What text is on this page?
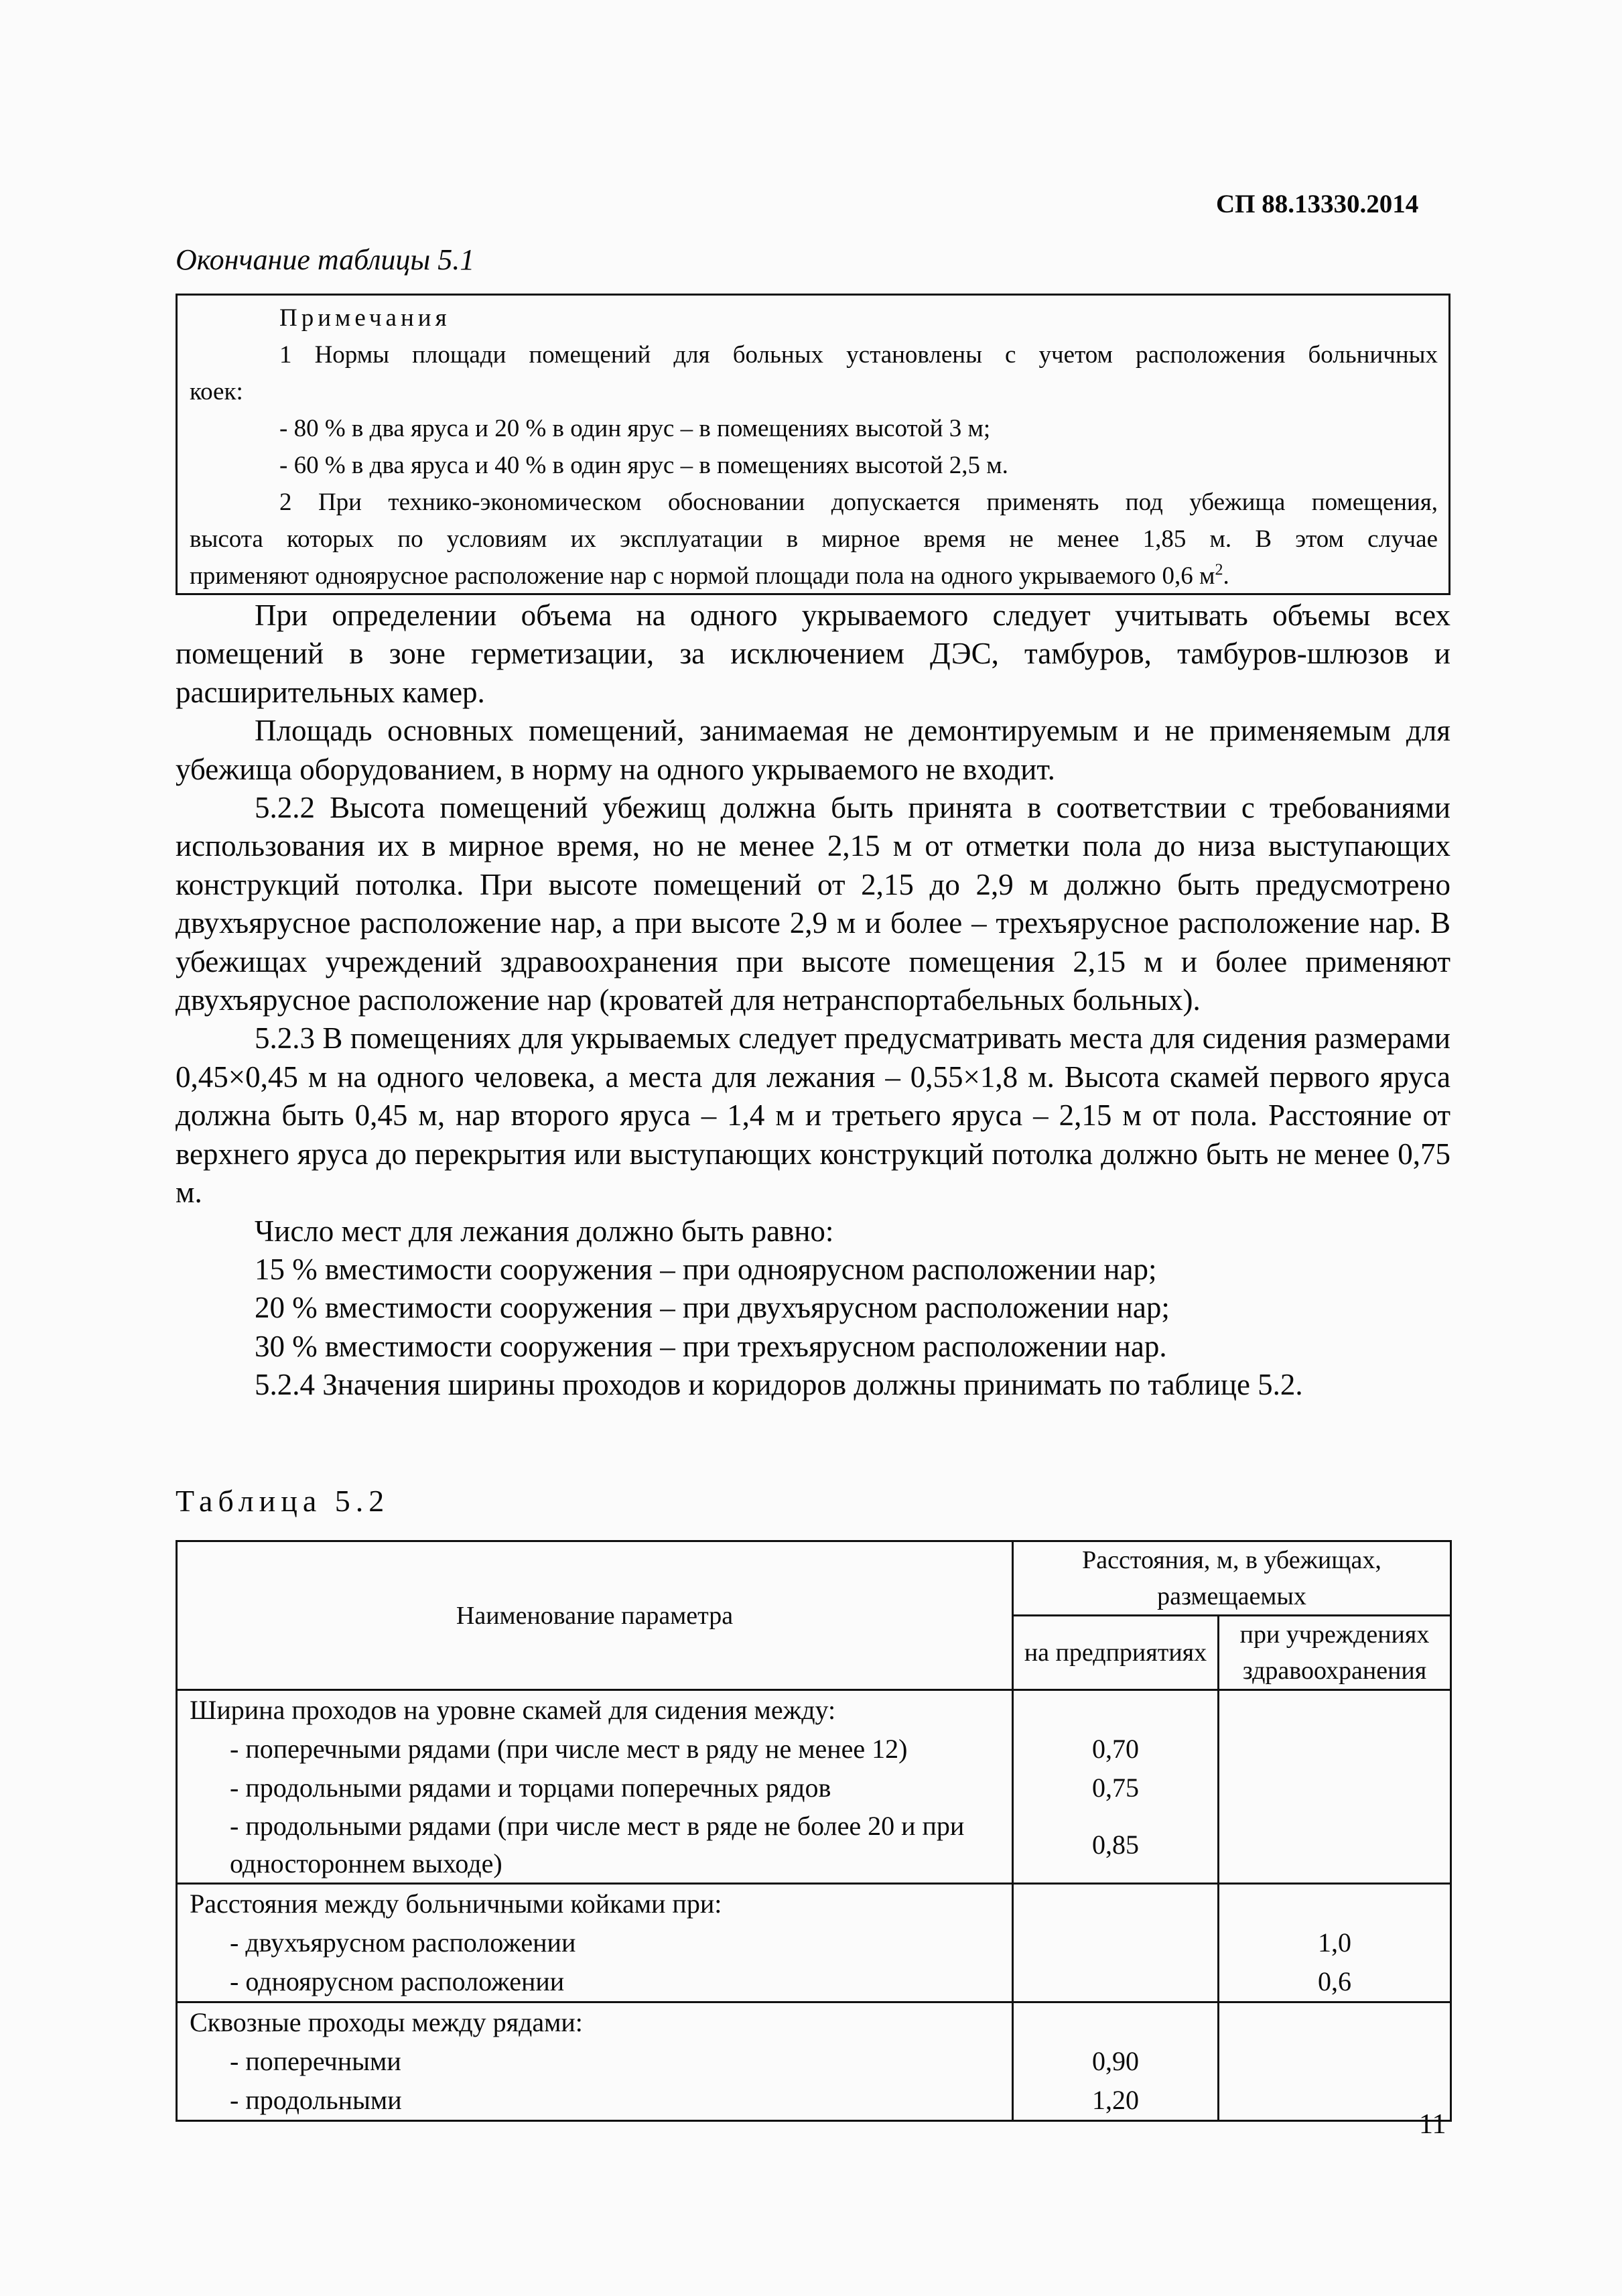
СП 88.13330.2014
Окончание таблицы 5.1

Примечания

1 Нормы площади помещений для больных установлены с учетом расположения больничных

коек:

- 80 % в два яруса и 20 % в один ярус – в помещениях высотой 3 м;

- 60 % в два яруса и 40 % в один ярус – в помещениях высотой 2,5 м.

2 При технико-экономическом обосновании допускается применять под убежища помещения,

высота которых по условиям их эксплуатации в мирное время не менее 1,85 м. В этом случае

применяют одноярусное расположение нар с нормой площади пола на одного укрываемого 0,6 $м^2$.

При определении объема на одного укрываемого следует учитывать объемы всех помещений в зоне герметизации, за исключением ДЭС, тамбуров, тамбуров-шлюзов и расширительных камер.

Площадь основных помещений, занимаемая не демонтируемым и не применяемым для убежища оборудованием, в норму на одного укрываемого не входит.

5.2.2 Высота помещений убежищ должна быть принята в соответствии с требованиями использования их в мирное время, но не менее 2,15 м от отметки пола до низа выступающих конструкций потолка. При высоте помещений от 2,15 до 2,9 м должно быть предусмотрено двухъярусное расположение нар, а при высоте 2,9 м и более – трехъярусное расположение нар. В убежищах учреждений здравоохранения при высоте помещения 2,15 м и более применяют двухъярусное расположение нар (кроватей для нетранспортабельных больных).

5.2.3 В помещениях для укрываемых следует предусматривать места для сидения размерами 0,45×0,45 м на одного человека, а места для лежания – 0,55×1,8 м. Высота скамей первого яруса должна быть 0,45 м, нар второго яруса – 1,4 м и третьего яруса – 2,15 м от пола. Расстояние от верхнего яруса до перекрытия или выступающих конструкций потолка должно быть не менее 0,75 м.

Число мест для лежания должно быть равно:

15 % вместимости сооружения – при одноярусном расположении нар;

20 % вместимости сооружения – при двухъярусном расположении нар;

30 % вместимости сооружения – при трехъярусном расположении нар.

5.2.4 Значения ширины проходов и коридоров должны принимать по таблице 5.2.

Таблица 5.2
Наименование параметра	Расстояния, м, в убежищах, размещаемых	
	на предприятиях	при учреждениях здравоохранения
Ширина проходов на уровне скамей для сидения между:		
- поперечными рядами (при числе мест в ряду не менее 12)	0,70	
- продольными рядами и торцами поперечных рядов	0,75	
- продольными рядами (при числе мест в ряде не более 20 и при одностороннем выходе)	0,85	
Расстояния между больничными койками при:		
- двухъярусном расположении		1,0
- одноярусном расположении		0,6
Сквозные проходы между рядами:		
- поперечными	0,90	
- продольными	1,20	
11
